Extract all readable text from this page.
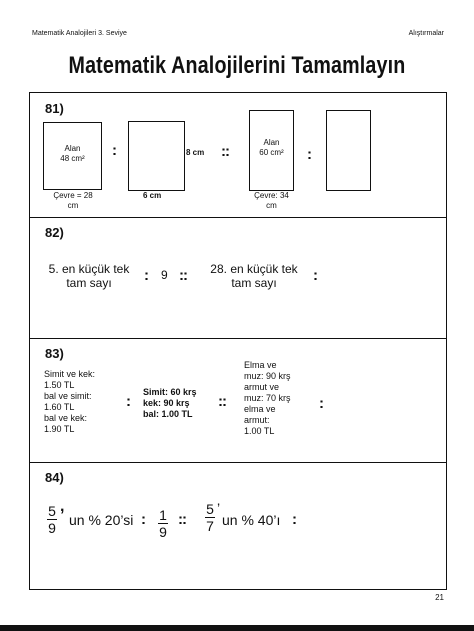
Matematik Analojileri 3. Seviye	Alıştırmalar
Matematik Analojilerini Tamamlayın
81)
Alan
48 cm²
Çevre = 28
cm
:	8 cm
6 cm
::
Alan
60 cm²
Çevre: 34
cm
:
82)
5. en küçük tek
tam sayı	: 9 ::	28. en küçük tek
tam sayı	:
83)
Simit ve kek:
1.50 TL
bal ve simit:
1.60 TL
bal ve kek:
1.90 TL
:
Simit: 60 krş
kek: 90 krş
bal: 1.00 TL
::
Elma ve
muz: 90 krş
armut ve
muz: 70 krş
elma ve
armut:
1.00 TL
:
84)
5
9
,
un % 20’si : 1
9
::
5
7
’
un % 40’ı :
21
